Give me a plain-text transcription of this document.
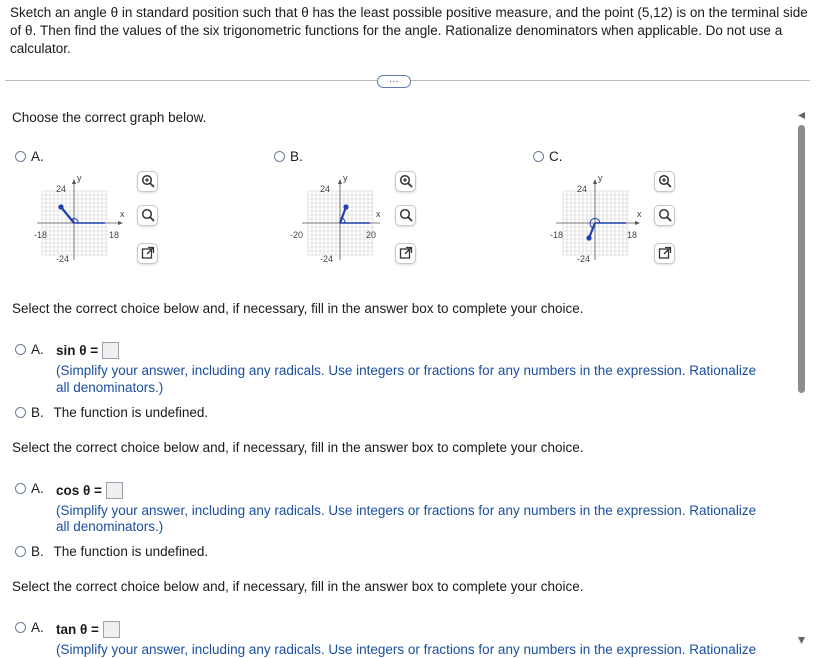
Sketch an angle θ in standard position such that θ has the least possible positive measure, and the point (5,12) is on the terminal side of θ. Then find the values of the six trigonometric functions for the angle. Rationalize denominators when applicable. Do not use a calculator.
...
Choose the correct graph below.
A.
24
y
-18	18
x
-24
B.
24
y
-20	20
x
-24
C.
24
y
-18	18
x
-24
Select the correct choice below and, if necessary, fill in the answer box to complete your choice.
A. sin θ =
(Simplify your answer, including any radicals. Use integers or fractions for any numbers in the expression. Rationalize
all denominators.)
B. The function is undefined.
Select the correct choice below and, if necessary, fill in the answer box to complete your choice.
A. cos θ =
(Simplify your answer, including any radicals. Use integers or fractions for any numbers in the expression. Rationalize
all denominators.)
B. The function is undefined.
Select the correct choice below and, if necessary, fill in the answer box to complete your choice.
A. tan θ =
(Simplify your answer, including any radicals. Use integers or fractions for any numbers in the expression. Rationalize
